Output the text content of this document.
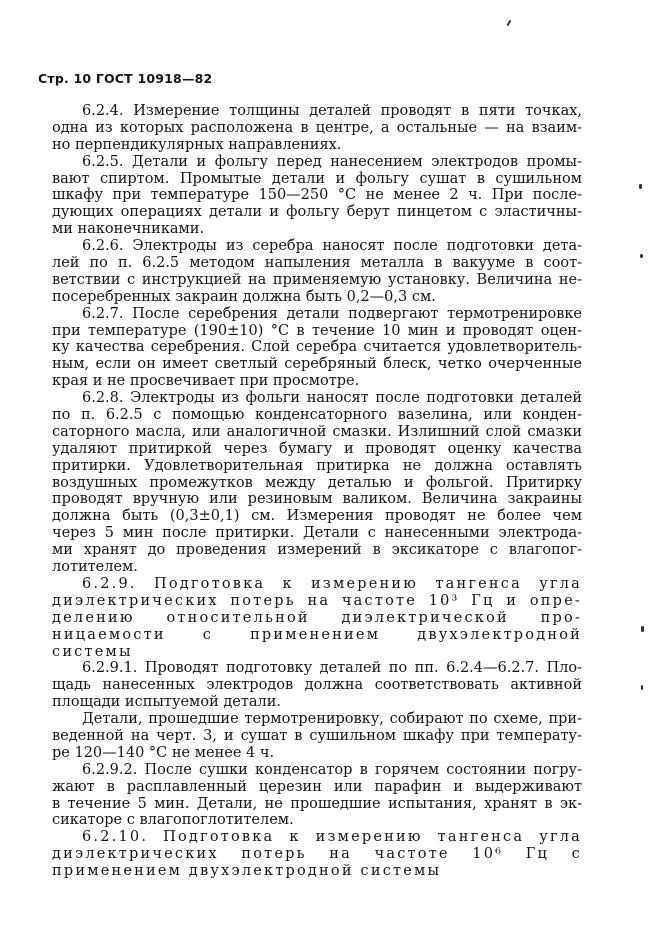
Стр. 10 ГОСТ 10918—82
6.2.4. Измерение толщины деталей проводят в пяти точках,
одна из которых расположена в центре, а остальные — на взаим-
но перпендикулярных направлениях.
6.2.5. Детали и фольгу перед нанесением электродов промы-
вают спиртом. Промытые детали и фольгу сушат в сушильном
шкафу при температуре 150—250 °С не менее 2 ч. При после-
дующих операциях детали и фольгу берут пинцетом с эластичны-
ми наконечниками.
6.2.6. Электроды из серебра наносят после подготовки дета-
лей по п. 6.2.5 методом напыления металла в вакууме в соот-
ветствии с инструкцией на применяемую установку. Величина не-
посеребренных закраин должна быть 0,2—0,3 см.
6.2.7. После серебрения детали подвергают термотренировке
при температуре (190±10) °С в течение 10 мин и проводят оцен-
ку качества серебрения. Слой серебра считается удовлетворитель-
ным, если он имеет светлый серебряный блеск, четко очерченные
края и не просвечивает при просмотре.
6.2.8. Электроды из фольги наносят после подготовки деталей
по п. 6.2.5 с помощью конденсаторного вазелина, или конден-
саторного масла, или аналогичной смазки. Излишний слой смазки
удаляют притиркой через бумагу и проводят оценку качества
притирки. Удовлетворительная притирка не должна оставлять
воздушных промежутков между деталью и фольгой. Притирку
проводят вручную или резиновым валиком. Величина закраины
должна быть (0,3±0,1) см. Измерения проводят не более чем
через 5 мин после притирки. Детали с нанесенными электрода-
ми хранят до проведения измерений в эксикаторе с влагопог-
лотителем.
6.2.9. Подготовка к измерению тангенса угла
диэлектрических потерь на частоте 10³ Гц и опре-
делению относительной диэлектрической про-
ницаемости с применением двухэлектродной
системы
6.2.9.1. Проводят подготовку деталей по пп. 6.2.4—6.2.7. Пло-
щадь нанесенных электродов должна соответствовать активной
площади испытуемой детали.
Детали, прошедшие термотренировку, собирают по схеме, при-
веденной на черт. 3, и сушат в сушильном шкафу при температу-
ре 120—140 °С не менее 4 ч.
6.2.9.2. После сушки конденсатор в горячем состоянии погру-
жают в расплавленный церезин или парафин и выдерживают
в течение 5 мин. Детали, не прошедшие испытания, хранят в эк-
сикаторе с влагопоглотителем.
6.2.10. Подготовка к измерению тангенса угла
диэлектрических потерь на частоте 10⁶ Гц с
применением двухэлектродной системы
